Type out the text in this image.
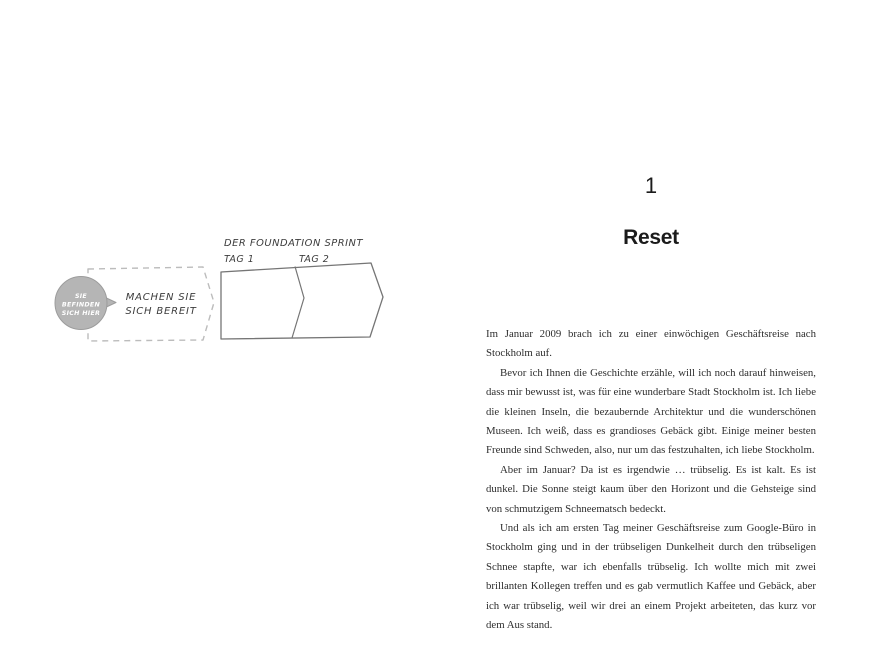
SIE
BEFINDEN
SICH HIER
MACHEN SIE
SICH BEREIT
DER FOUNDATION SPRINT
TAG 1	TAG 2
1
Reset

Im Januar 2009 brach ich zu einer einwöchigen Geschäftsreise nach Stockholm auf.

Bevor ich Ihnen die Geschichte erzähle, will ich noch darauf hinweisen, dass mir bewusst ist, was für eine wunderbare Stadt Stockholm ist. Ich liebe die kleinen Inseln, die bezaubernde Architektur und die wunderschönen Museen. Ich weiß, dass es grandioses Gebäck gibt. Einige meiner besten Freunde sind Schweden, also, nur um das festzuhalten, ich liebe Stockholm.

Aber im Januar? Da ist es irgendwie … trübselig. Es ist kalt. Es ist dunkel. Die Sonne steigt kaum über den Horizont und die Gehsteige sind von schmutzigem Schneematsch bedeckt.

Und als ich am ersten Tag meiner Geschäftsreise zum Google-Büro in Stockholm ging und in der trübseligen Dunkelheit durch den trübseligen Schnee stapfte, war ich ebenfalls trübselig. Ich wollte mich mit zwei brillanten Kollegen treffen und es gab vermutlich Kaffee und Gebäck, aber ich war trübselig, weil wir drei an einem Projekt arbeiteten, das kurz vor dem Aus stand.
